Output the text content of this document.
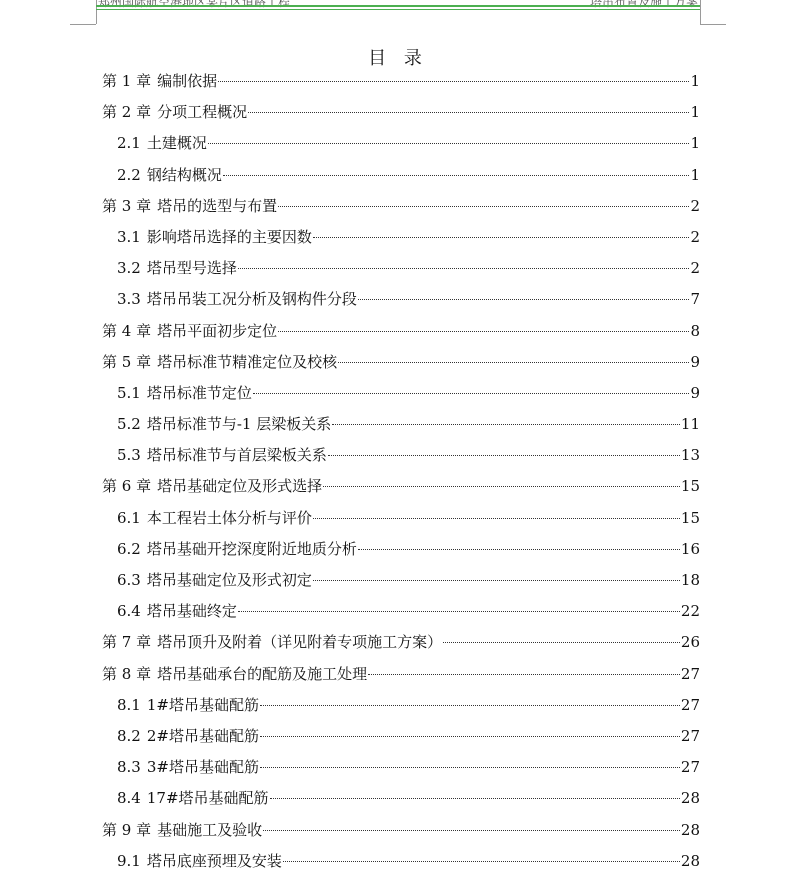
目 录
第 1 章 编制依据	1
第 2 章 分项工程概况	1
2.1 土建概况	1
2.2 钢结构概况	1
第 3 章 塔吊的选型与布置	2
3.1 影响塔吊选择的主要因数	2
3.2 塔吊型号选择	2
3.3 塔吊吊装工况分析及钢构件分段	7
第 4 章 塔吊平面初步定位	8
第 5 章 塔吊标准节精准定位及校核	9
5.1 塔吊标准节定位	9
5.2 塔吊标准节与-1 层梁板关系	11
5.3 塔吊标准节与首层梁板关系	13
第 6 章 塔吊基础定位及形式选择	15
6.1 本工程岩土体分析与评价	15
6.2 塔吊基础开挖深度附近地质分析	16
6.3 塔吊基础定位及形式初定	18
6.4 塔吊基础终定	22
第 7 章 塔吊顶升及附着（详见附着专项施工方案）	26
第 8 章 塔吊基础承台的配筋及施工处理	27
8.1 1#塔吊基础配筋	27
8.2 2#塔吊基础配筋	27
8.3 3#塔吊基础配筋	27
8.4 17#塔吊基础配筋	28
第 9 章 基础施工及验收	28
9.1 塔吊底座预埋及安装	28
